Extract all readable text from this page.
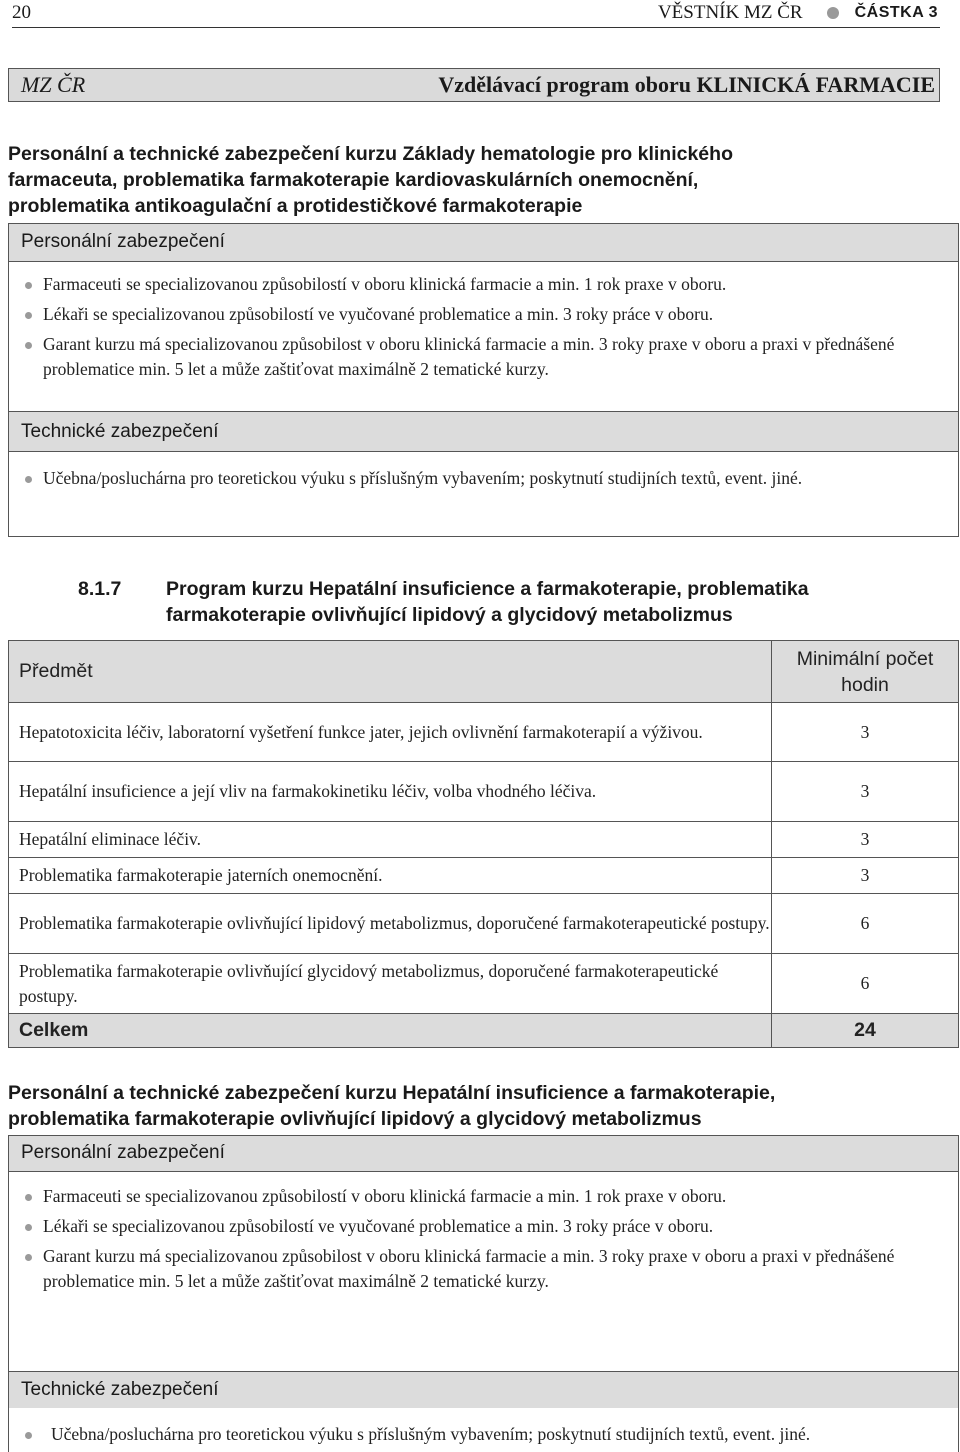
20	VĚSTNÍK MZ ČR	ČÁSTKA 3
MZ ČR	Vzdělávací program oboru KLINICKÁ FARMACIE
Personální a technické zabezpečení kurzu Základy hematologie pro klinického
farmaceuta, problematika farmakoterapie kardiovaskulárních onemocnění,
problematika antikoagulační a protidestičkové farmakoterapie
Personální zabezpečení
Farmaceuti se specializovanou způsobilostí v oboru klinická farmacie a min. 1 rok praxe v oboru.
Lékaři se specializovanou způsobilostí ve vyučované problematice a min. 3 roky práce v oboru.
Garant kurzu má specializovanou způsobilost v oboru klinická farmacie a min. 3 roky praxe v oboru a praxi v přednášené problematice min. 5 let a může zaštiťovat maximálně 2 tematické kurzy.
Technické zabezpečení
Učebna/posluchárna pro teoretickou výuku s příslušným vybavením; poskytnutí studijních textů, event. jiné.
8.1.7 Program kurzu Hepatální insuficience a farmakoterapie, problematika
farmakoterapie ovlivňující lipidový a glycidový metabolizmus
Předmět	Minimální počet hodin
Hepatotoxicita léčiv, laboratorní vyšetření funkce jater, jejich ovlivnění farmakoterapií a výživou.	3
Hepatální insuficience a její vliv na farmakokinetiku léčiv, volba vhodného léčiva.	3
Hepatální eliminace léčiv.	3
Problematika farmakoterapie jaterních onemocnění.	3
Problematika farmakoterapie ovlivňující lipidový metabolizmus, doporučené farmakoterapeutické postupy.	6
Problematika farmakoterapie ovlivňující glycidový metabolizmus, doporučené farmakoterapeutické postupy.	6
Celkem	24
Personální a technické zabezpečení kurzu Hepatální insuficience a farmakoterapie,
problematika farmakoterapie ovlivňující lipidový a glycidový metabolizmus
Personální zabezpečení
Farmaceuti se specializovanou způsobilostí v oboru klinická farmacie a min. 1 rok praxe v oboru.
Lékaři se specializovanou způsobilostí ve vyučované problematice a min. 3 roky práce v oboru.
Garant kurzu má specializovanou způsobilost v oboru klinická farmacie a min. 3 roky praxe v oboru a praxi v přednášené problematice min. 5 let a může zaštiťovat maximálně 2 tematické kurzy.
Technické zabezpečení
Učebna/posluchárna pro teoretickou výuku s příslušným vybavením; poskytnutí studijních textů, event. jiné.
